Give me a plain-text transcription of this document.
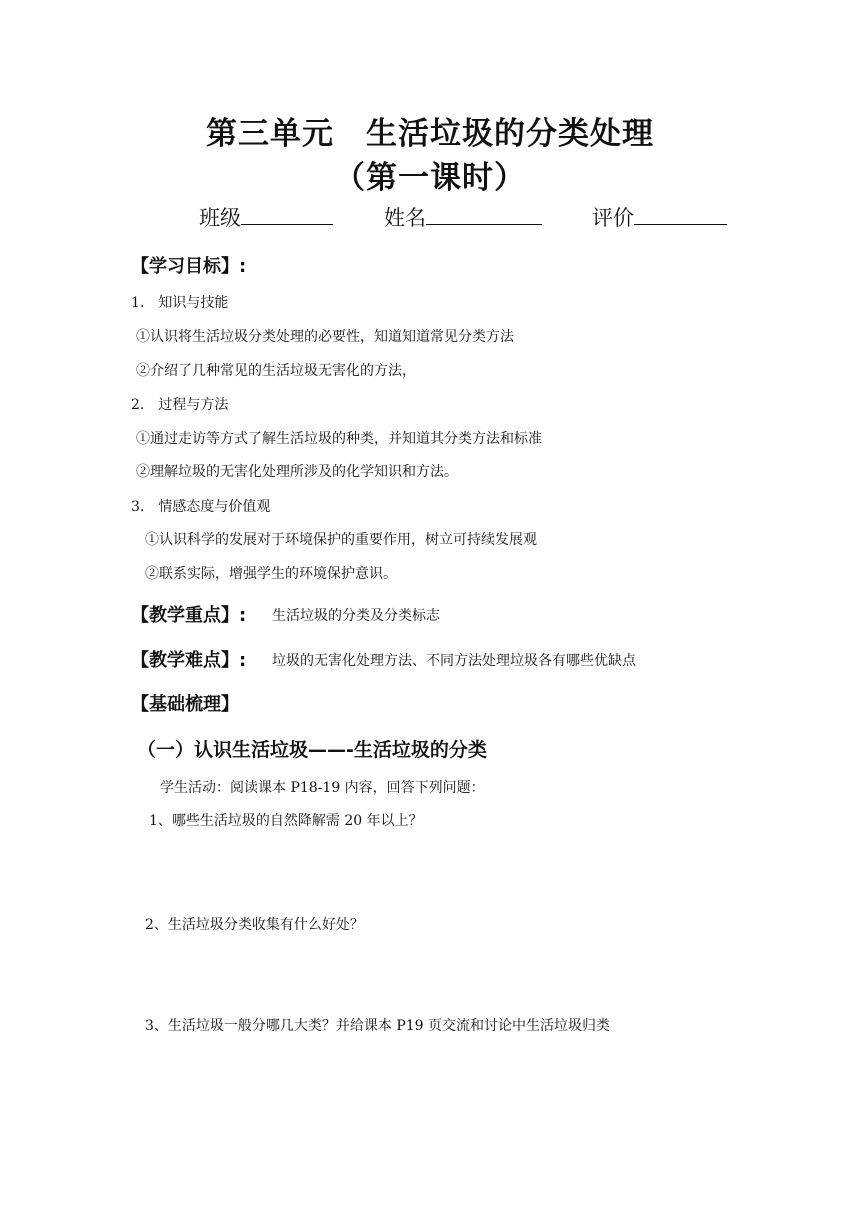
第三单元　生活垃圾的分类处理
（第一课时）
班级	姓名	评价
【学习目标】:
1.　知识与技能
①认识将生活垃圾分类处理的必要性，知道知道常见分类方法
②介绍了几种常见的生活垃圾无害化的方法，
2.　过程与方法
①通过走访等方式了解生活垃圾的种类，并知道其分类方法和标准
②理解垃圾的无害化处理所涉及的化学知识和方法。
3.　情感态度与价值观
①认识科学的发展对于环境保护的重要作用，树立可持续发展观
②联系实际，增强学生的环境保护意识。
【教学重点】: 生活垃圾的分类及分类标志
【教学难点】: 垃圾的无害化处理方法、不同方法处理垃圾各有哪些优缺点
【基础梳理】
（一）认识生活垃圾——-生活垃圾的分类
学生活动：阅读课本 P18-19 内容，回答下列问题：
1、哪些生活垃圾的自然降解需 20 年以上？
2、生活垃圾分类收集有什么好处？
3、生活垃圾一般分哪几大类？并给课本 P19 页交流和讨论中生活垃圾归类
